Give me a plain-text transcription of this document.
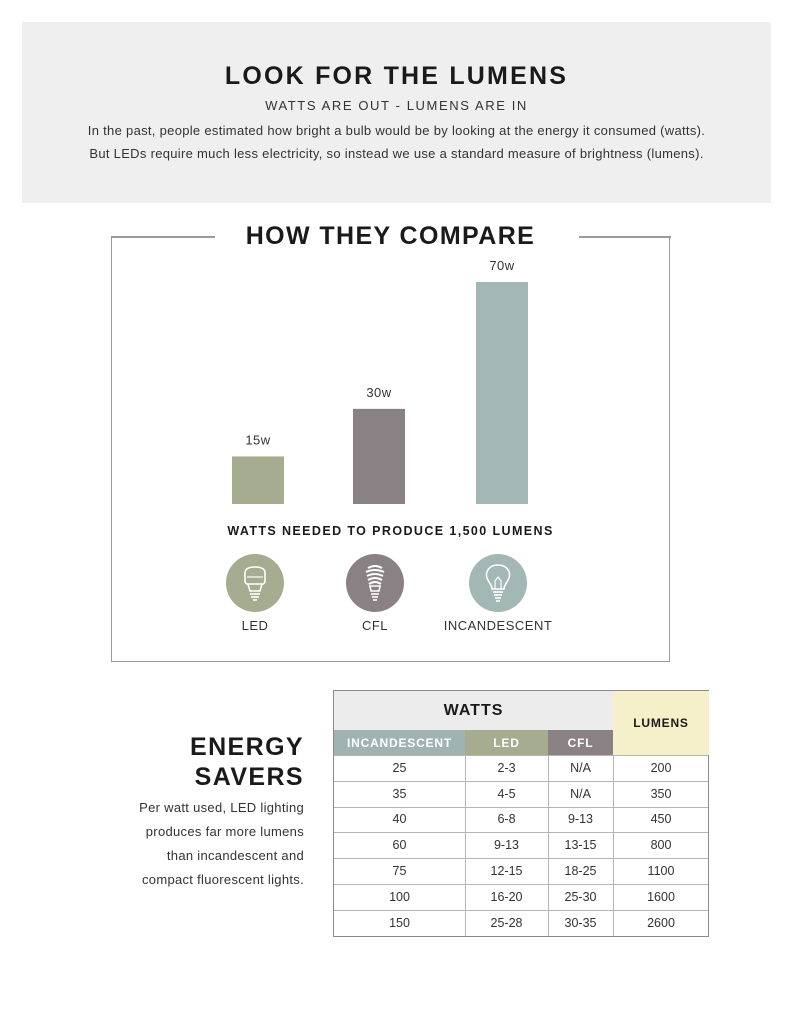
LOOK FOR THE LUMENS
WATTS ARE OUT - LUMENS ARE IN
In the past, people estimated how bright a bulb would be by looking at the energy it consumed (watts).
But LEDs require much less electricity, so instead we use a standard measure of brightness (lumens).
HOW THEY COMPARE
15w
30w
70w
WATTS NEEDED TO PRODUCE 1,500 LUMENS
LED	CFL	INCANDESCENT
ENERGY
SAVERS
Per watt used, LED lighting
produces far more lumens
than incandescent and
compact fluorescent lights.
WATTS
LUMENS
INCANDESCENT	LED	CFL
25	2-3	N/A	200
35	4-5	N/A	350
40	6-8	9-13	450
60	9-13	13-15	800
75	12-15	18-25	1100
100	16-20	25-30	1600
150	25-28	30-35	2600
